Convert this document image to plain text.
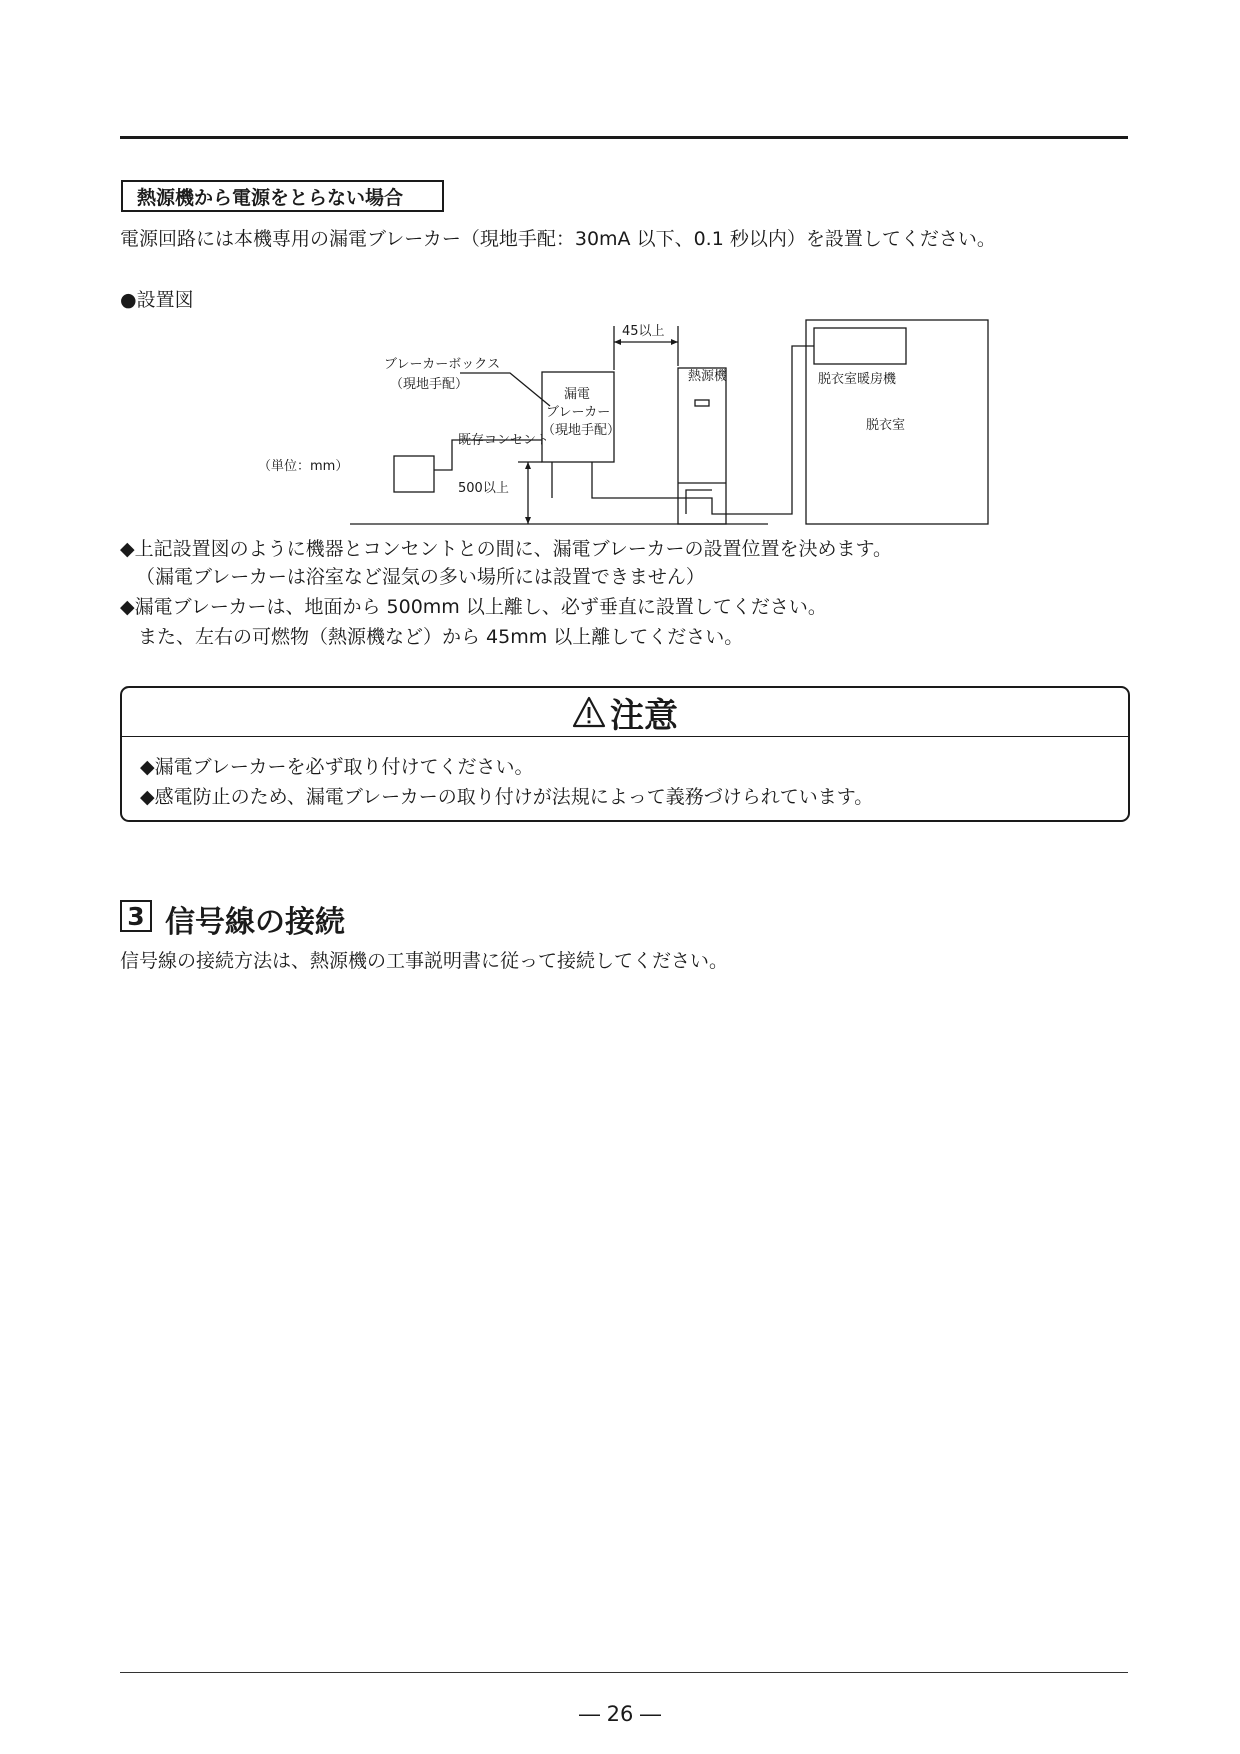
熱源機から電源をとらない場合
電源回路には本機専用の漏電ブレーカー（現地手配：30mA 以下、0.1 秒以内）を設置してください。
●設置図
ブレーカーボックス
（現地手配）
漏電
ブレーカー
（現地手配）
熱源機
45以上
既存コンセント
（単位：mm）
500以上
脱衣室暖房機
脱衣室
◆上記設置図のように機器とコンセントとの間に、漏電ブレーカーの設置位置を決めます。
（漏電ブレーカーは浴室など湿気の多い場所には設置できません）
◆漏電ブレーカーは、地面から 500mm 以上離し、必ず垂直に設置してください。
また、左右の可燃物（熱源機など）から 45mm 以上離してください。
注意
◆漏電ブレーカーを必ず取り付けてください。
◆感電防止のため、漏電ブレーカーの取り付けが法規によって義務づけられています。
3 信号線の接続
信号線の接続方法は、熱源機の工事説明書に従って接続してください。
― 26 ―
